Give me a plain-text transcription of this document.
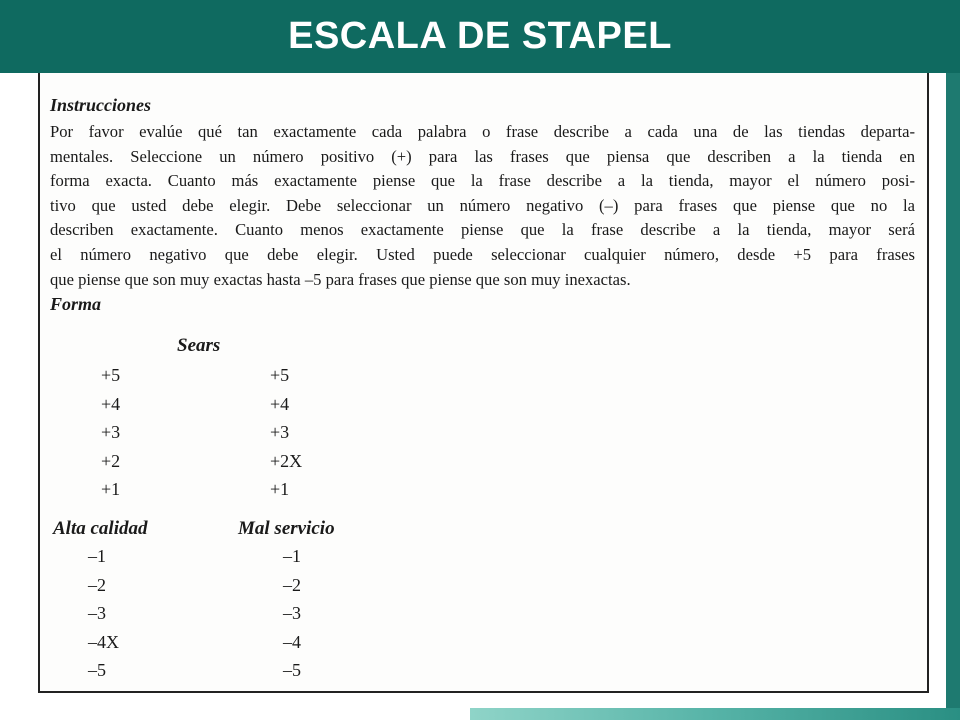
ESCALA DE STAPEL
Instrucciones
Por favor evalúe qué tan exactamente cada palabra o frase describe a cada una de las tiendas departa-
mentales. Seleccione un número positivo (+) para las frases que piensa que describen a la tienda en
forma exacta. Cuanto más exactamente piense que la frase describe a la tienda, mayor el número posi-
tivo que usted debe elegir. Debe seleccionar un número negativo (–) para frases que piense que no la
describen exactamente. Cuanto menos exactamente piense que la frase describe a la tienda, mayor será
el número negativo que debe elegir. Usted puede seleccionar cualquier número, desde +5 para frases
que piense que son muy exactas hasta –5 para frases que piense que son muy inexactas.
Forma
Sears
+5
+4
+3
+2
+1
+5
+4
+3
+2X
+1
Alta calidad	Mal servicio
–1
–2
–3
–4X
–5
–1
–2
–3
–4
–5
